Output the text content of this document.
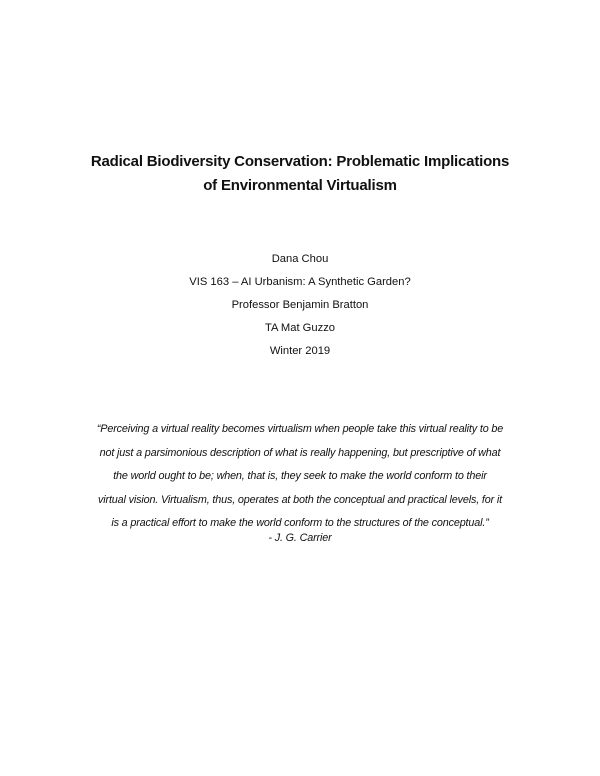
Radical Biodiversity Conservation: Problematic Implications
of Environmental Virtualism
Dana Chou
VIS 163 – AI Urbanism: A Synthetic Garden?
Professor Benjamin Bratton
TA Mat Guzzo
Winter 2019
“Perceiving a virtual reality becomes virtualism when people take this virtual reality to be
not just a parsimonious description of what is really happening, but prescriptive of what
the world ought to be; when, that is, they seek to make the world conform to their
virtual vision. Virtualism, thus, operates at both the conceptual and practical levels, for it
is a practical effort to make the world conform to the structures of the conceptual.”
- J. G. Carrier
